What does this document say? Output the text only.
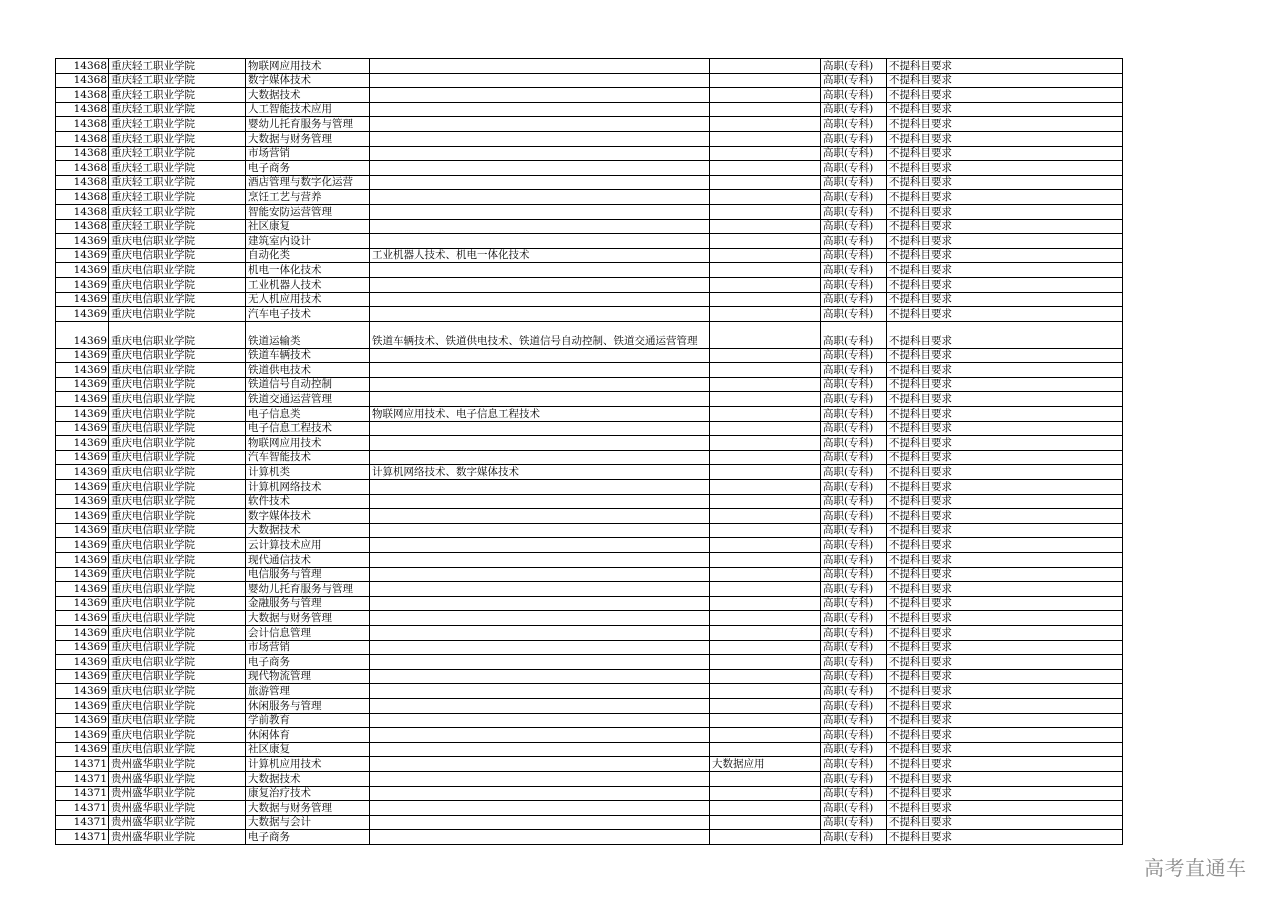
14368	重庆轻工职业学院	物联网应用技术			高职(专科)	不提科目要求
14368	重庆轻工职业学院	数字媒体技术			高职(专科)	不提科目要求
14368	重庆轻工职业学院	大数据技术			高职(专科)	不提科目要求
14368	重庆轻工职业学院	人工智能技术应用			高职(专科)	不提科目要求
14368	重庆轻工职业学院	婴幼儿托育服务与管理			高职(专科)	不提科目要求
14368	重庆轻工职业学院	大数据与财务管理			高职(专科)	不提科目要求
14368	重庆轻工职业学院	市场营销			高职(专科)	不提科目要求
14368	重庆轻工职业学院	电子商务			高职(专科)	不提科目要求
14368	重庆轻工职业学院	酒店管理与数字化运营			高职(专科)	不提科目要求
14368	重庆轻工职业学院	烹饪工艺与营养			高职(专科)	不提科目要求
14368	重庆轻工职业学院	智能安防运营管理			高职(专科)	不提科目要求
14368	重庆轻工职业学院	社区康复			高职(专科)	不提科目要求
14369	重庆电信职业学院	建筑室内设计			高职(专科)	不提科目要求
14369	重庆电信职业学院	自动化类	工业机器人技术、机电一体化技术		高职(专科)	不提科目要求
14369	重庆电信职业学院	机电一体化技术			高职(专科)	不提科目要求
14369	重庆电信职业学院	工业机器人技术			高职(专科)	不提科目要求
14369	重庆电信职业学院	无人机应用技术			高职(专科)	不提科目要求
14369	重庆电信职业学院	汽车电子技术			高职(专科)	不提科目要求
14369	重庆电信职业学院	铁道运输类	铁道车辆技术、铁道供电技术、铁道信号自动控制、铁道交通运营管理		高职(专科)	不提科目要求
14369	重庆电信职业学院	铁道车辆技术			高职(专科)	不提科目要求
14369	重庆电信职业学院	铁道供电技术			高职(专科)	不提科目要求
14369	重庆电信职业学院	铁道信号自动控制			高职(专科)	不提科目要求
14369	重庆电信职业学院	铁道交通运营管理			高职(专科)	不提科目要求
14369	重庆电信职业学院	电子信息类	物联网应用技术、电子信息工程技术		高职(专科)	不提科目要求
14369	重庆电信职业学院	电子信息工程技术			高职(专科)	不提科目要求
14369	重庆电信职业学院	物联网应用技术			高职(专科)	不提科目要求
14369	重庆电信职业学院	汽车智能技术			高职(专科)	不提科目要求
14369	重庆电信职业学院	计算机类	计算机网络技术、数字媒体技术		高职(专科)	不提科目要求
14369	重庆电信职业学院	计算机网络技术			高职(专科)	不提科目要求
14369	重庆电信职业学院	软件技术			高职(专科)	不提科目要求
14369	重庆电信职业学院	数字媒体技术			高职(专科)	不提科目要求
14369	重庆电信职业学院	大数据技术			高职(专科)	不提科目要求
14369	重庆电信职业学院	云计算技术应用			高职(专科)	不提科目要求
14369	重庆电信职业学院	现代通信技术			高职(专科)	不提科目要求
14369	重庆电信职业学院	电信服务与管理			高职(专科)	不提科目要求
14369	重庆电信职业学院	婴幼儿托育服务与管理			高职(专科)	不提科目要求
14369	重庆电信职业学院	金融服务与管理			高职(专科)	不提科目要求
14369	重庆电信职业学院	大数据与财务管理			高职(专科)	不提科目要求
14369	重庆电信职业学院	会计信息管理			高职(专科)	不提科目要求
14369	重庆电信职业学院	市场营销			高职(专科)	不提科目要求
14369	重庆电信职业学院	电子商务			高职(专科)	不提科目要求
14369	重庆电信职业学院	现代物流管理			高职(专科)	不提科目要求
14369	重庆电信职业学院	旅游管理			高职(专科)	不提科目要求
14369	重庆电信职业学院	休闲服务与管理			高职(专科)	不提科目要求
14369	重庆电信职业学院	学前教育			高职(专科)	不提科目要求
14369	重庆电信职业学院	休闲体育			高职(专科)	不提科目要求
14369	重庆电信职业学院	社区康复			高职(专科)	不提科目要求
14371	贵州盛华职业学院	计算机应用技术		大数据应用	高职(专科)	不提科目要求
14371	贵州盛华职业学院	大数据技术			高职(专科)	不提科目要求
14371	贵州盛华职业学院	康复治疗技术			高职(专科)	不提科目要求
14371	贵州盛华职业学院	大数据与财务管理			高职(专科)	不提科目要求
14371	贵州盛华职业学院	大数据与会计			高职(专科)	不提科目要求
14371	贵州盛华职业学院	电子商务			高职(专科)	不提科目要求
高考直通车
